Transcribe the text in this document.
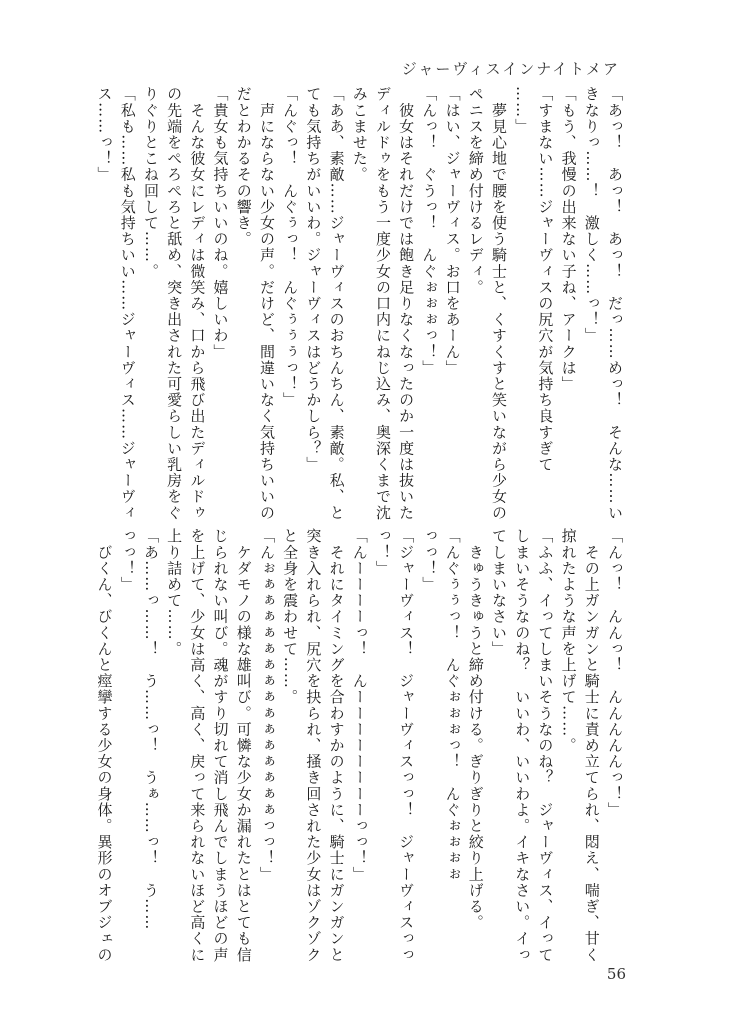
ジャーヴィスインナイトメア
「あっ！　あっ！　あっ！　だっ……めっ！　そんな……い
きなりっ……！　激しく……っ！」
「もう、我慢の出来ない子ね、アークは」
「すまない……ジャーヴィスの尻穴が気持ち良すぎて
……」
　夢見心地で腰を使う騎士と、くすくすと笑いながら少女の
ペニスを締め付けるレディ。
「はい、ジャーヴィス。お口をあーん」
「んっ！　ぐうっ！　んぐぉぉぉっ！」
　彼女はそれだけでは飽き足りなくなったのか一度は抜いた
ディルドゥをもう一度少女の口内にねじ込み、奥深くまで沈
みこませた。
「ああ、素敵……ジャーヴィスのおちんちん、素敵。私、と
ても気持ちがいいわ。ジャーヴィスはどうかしら？」
「んぐっ！　んぐぅっ！　んぐぅぅぅっ！」
　声にならない少女の声。だけど、間違いなく気持ちいいの
だとわかるその響き。
「貴女も気持ちいいのね。嬉しいわ」
　そんな彼女にレディは微笑み、口から飛び出たディルドゥ
の先端をぺろぺろと舐め、突き出された可愛らしい乳房をぐ
りぐりとこね回して……。
「私も……私も気持ちいい……ジャーヴィス……ジャーヴィ
ス……っ！」
「んっ！　んんっ！　んんんんんっ！」
　その上ガンガンと騎士に責め立てられ、悶え、喘ぎ、甘く
掠れたような声を上げて……。
「ふふ、イってしまいそうなのね？　ジャーヴィス、イって
しまいそうなのね？　いいわ、いいわよ。イキなさい。イっ
てしまいなさい」
　きゅうきゅうと締め付ける。ぎりぎりと絞り上げる。
「んぐぅぅっ！　んぐぉぉぉっ！　んぐぉぉぉぉ
っっ！」
「ジャーヴィス！　ジャーヴィスっっ！　ジャーヴィスっっ
っ！」
「んーーーーっ！　んーーーーーーーーっっ！」
　それにタイミングを合わすかのように、騎士にガンガンと
突き入れられ、尻穴を抉られ、掻き回された少女はゾクゾク
と全身を震わせて……。
「んぉぁぁぁぁぁぁぁぁぁぁぁぁぁぁぁっっ！」
　ケダモノの様な雄叫び。可憐な少女か漏れたとはとても信
じられない叫び。魂がすり切れて消し飛んでしまうほどの声
を上げて、少女は高く、高く、戻って来られないほど高くに
上り詰めて……。
「あ……っ……！　う……っ！　うぁ……っ！　う……
っっ！」
　びくん、びくんと痙攣する少女の身体。異形のオブジェの
56
